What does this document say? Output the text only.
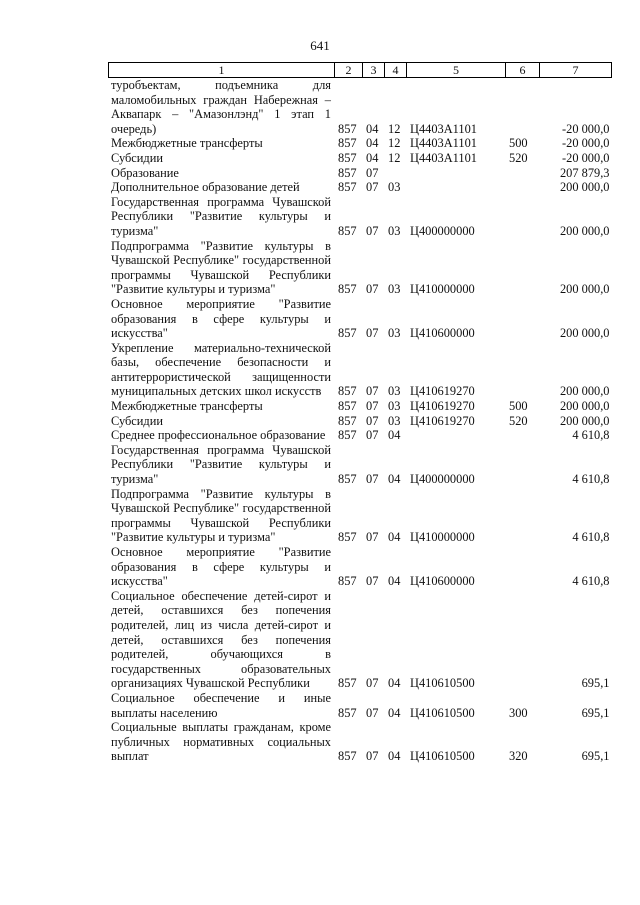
641
1	2	3	4	5	6	7
туробъектам, подъемника для маломобильных граждан Набережная – Аквапарк – "Амазонлэнд" 1 этап 1 очередь)	857	04	12	Ц4403А1101		-20 000,0
Межбюджетные трансферты	857	04	12	Ц4403А1101	500	-20 000,0
Субсидии	857	04	12	Ц4403А1101	520	-20 000,0
Образование	857	07				207 879,3
Дополнительное образование детей	857	07	03			200 000,0
Государственная программа Чувашской Республики "Развитие культуры и туризма"	857	07	03	Ц400000000		200 000,0
Подпрограмма "Развитие культуры в Чувашской Республике" государственной программы Чувашской Республики "Развитие культуры и туризма"	857	07	03	Ц410000000		200 000,0
Основное мероприятие "Развитие образования в сфере культуры и искусства"	857	07	03	Ц410600000		200 000,0
Укрепление материально-технической базы, обеспечение безопасности и антитеррористической защищенности муниципальных детских школ искусств	857	07	03	Ц410619270		200 000,0
Межбюджетные трансферты	857	07	03	Ц410619270	500	200 000,0
Субсидии	857	07	03	Ц410619270	520	200 000,0
Среднее профессиональное образование	857	07	04			4 610,8
Государственная программа Чувашской Республики "Развитие культуры и туризма"	857	07	04	Ц400000000		4 610,8
Подпрограмма "Развитие культуры в Чувашской Республике" государственной программы Чувашской Республики "Развитие культуры и туризма"	857	07	04	Ц410000000		4 610,8
Основное мероприятие "Развитие образования в сфере культуры и искусства"	857	07	04	Ц410600000		4 610,8
Социальное обеспечение детей-сирот и детей, оставшихся без попечения родителей, лиц из числа детей-сирот и детей, оставшихся без попечения родителей, обучающихся в государственных образовательных организациях Чувашской Республики	857	07	04	Ц410610500		695,1
Социальное обеспечение и иные выплаты населению	857	07	04	Ц410610500	300	695,1
Социальные выплаты гражданам, кроме публичных нормативных социальных выплат	857	07	04	Ц410610500	320	695,1
